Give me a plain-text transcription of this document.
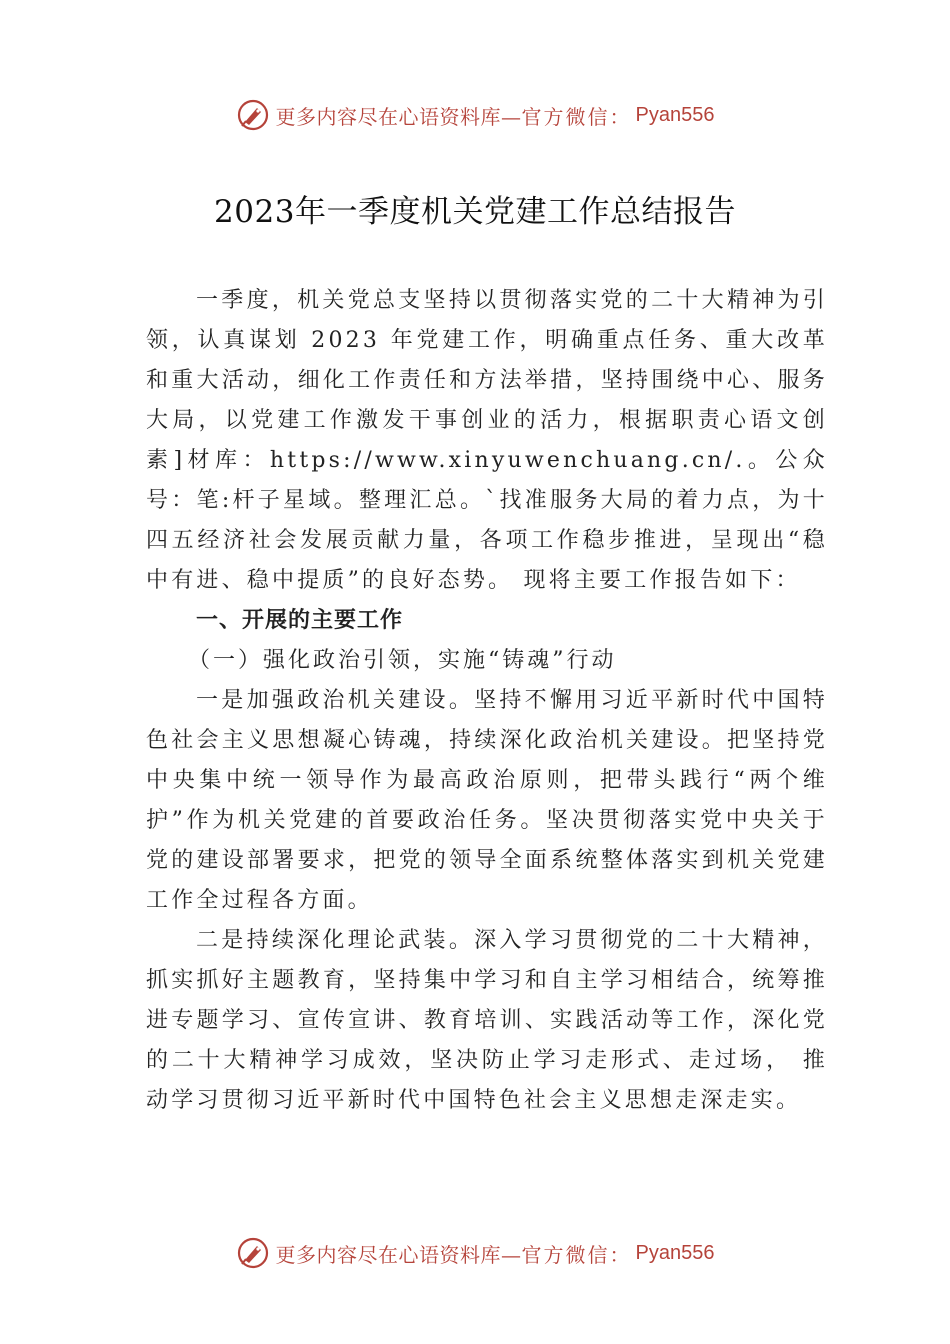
更多内容尽在心语资料库— 官方微信： Pyan556
2023年一季度机关党建工作总结报告

一季度，机关党总支坚持以贯彻落实党的二十大精神为引领，认真谋划 2023 年党建工作，明确重点任务、重大改革和重大活动，细化工作责任和方法举措，坚持围绕中心、服务大局，以党建工作激发干事创业的活力，根据职责心语文创素]材库：https://www.xinyuwenchuang.cn/.。公众号：笔:杆子星域。整理汇总。`找准服务大局的着力点，为十四五经济社会发展贡献力量，各项工作稳步推进，呈现出“稳中有进、稳中提质”的良好态势。 现将主要工作报告如下：

一、开展的主要工作

（一）强化政治引领，实施“铸魂”行动

一是加强政治机关建设。坚持不懈用习近平新时代中国特色社会主义思想凝心铸魂，持续深化政治机关建设。把坚持党中央集中统一领导作为最高政治原则，把带头践行“两个维护”作为机关党建的首要政治任务。坚决贯彻落实党中央关于党的建设部署要求，把党的领导全面系统整体落实到机关党建工作全过程各方面。

二是持续深化理论武装。深入学习贯彻党的二十大精神，抓实抓好主题教育，坚持集中学习和自主学习相结合，统筹推进专题学习、宣传宣讲、教育培训、实践活动等工作，深化党的二十大精神学习成效，坚决防止学习走形式、走过场， 推动学习贯彻习近平新时代中国特色社会主义思想走深走实。

更多内容尽在心语资料库— 官方微信： Pyan556
